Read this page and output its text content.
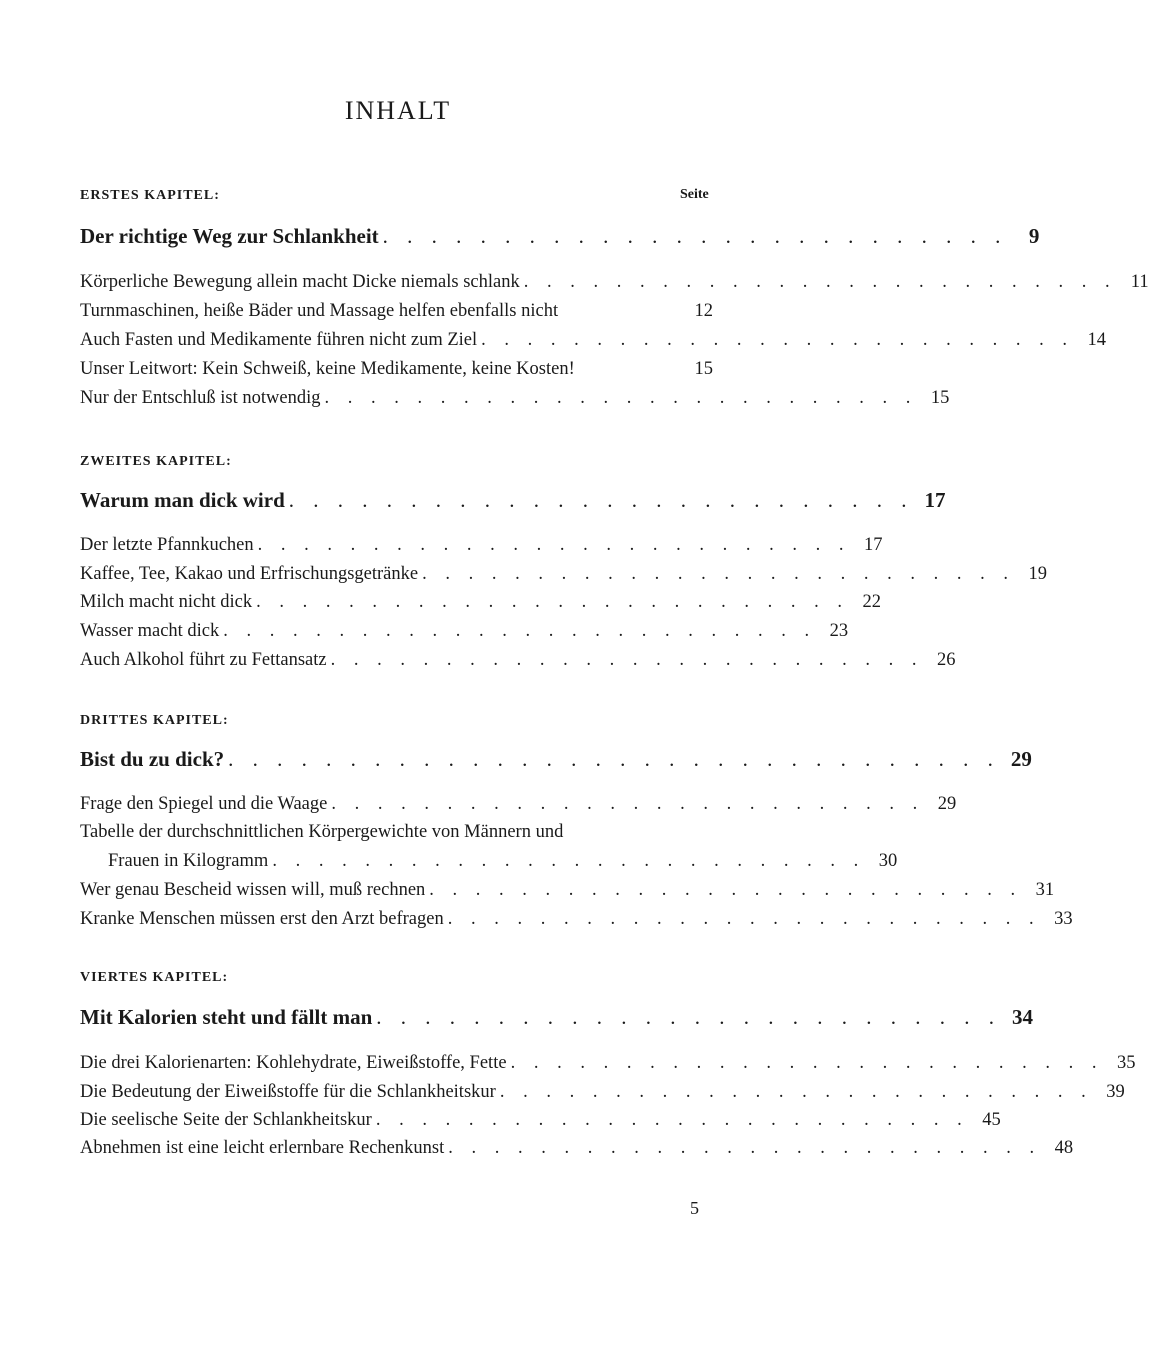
INHALT
Seite
ERSTES KAPITEL:
Der richtige Weg zur Schlankheit . . . . . . . . . . . . . . . . . . . . . . . . . .	9
Körperliche Bewegung allein macht Dicke niemals schlank . . . . . . . . . . . . . . . . . . . . . . . . . . 11
Turnmaschinen, heiße Bäder und Massage helfen ebenfalls nicht	12
Auch Fasten und Medikamente führen nicht zum Ziel . . . . . . . . . . . . . . . . . . . . . . . . . . 14
Unser Leitwort: Kein Schweiß, keine Medikamente, keine Kosten!	15
Nur der Entschluß ist notwendig . . . . . . . . . . . . . . . . . . . . . . . . . . 15
ZWEITES KAPITEL:
Warum man dick wird . . . . . . . . . . . . . . . . . . . . . . . . . . 17
Der letzte Pfannkuchen . . . . . . . . . . . . . . . . . . . . . . . . . . 17
Kaffee, Tee, Kakao und Erfrischungsgetränke . . . . . . . . . . . . . . . . . . . . . . . . . . 19
Milch macht nicht dick . . . . . . . . . . . . . . . . . . . . . . . . . . 22
Wasser macht dick . . . . . . . . . . . . . . . . . . . . . . . . . . 23
Auch Alkohol führt zu Fettansatz . . . . . . . . . . . . . . . . . . . . . . . . . . 26
DRITTES KAPITEL:
Bist du zu dick? . . . . . . . . . . . . . . . . . . . . . . . . . . . . . . . . 29
Frage den Spiegel und die Waage . . . . . . . . . . . . . . . . . . . . . . . . . . 29
Tabelle der durchschnittlichen Körpergewichte von Männern und
Frauen in Kilogramm . . . . . . . . . . . . . . . . . . . . . . . . . . 30
Wer genau Bescheid wissen will, muß rechnen . . . . . . . . . . . . . . . . . . . . . . . . . . 31
Kranke Menschen müssen erst den Arzt befragen . . . . . . . . . . . . . . . . . . . . . . . . . . 33
VIERTES KAPITEL:
Mit Kalorien steht und fällt man . . . . . . . . . . . . . . . . . . . . . . . . . . 34
Die drei Kalorienarten: Kohlehydrate, Eiweißstoffe, Fette . . . . . . . . . . . . . . . . . . . . . . . . . . 35
Die Bedeutung der Eiweißstoffe für die Schlankheitskur . . . . . . . . . . . . . . . . . . . . . . . . . . 39
Die seelische Seite der Schlankheitskur . . . . . . . . . . . . . . . . . . . . . . . . . . 45
Abnehmen ist eine leicht erlernbare Rechenkunst . . . . . . . . . . . . . . . . . . . . . . . . . . 48
5
